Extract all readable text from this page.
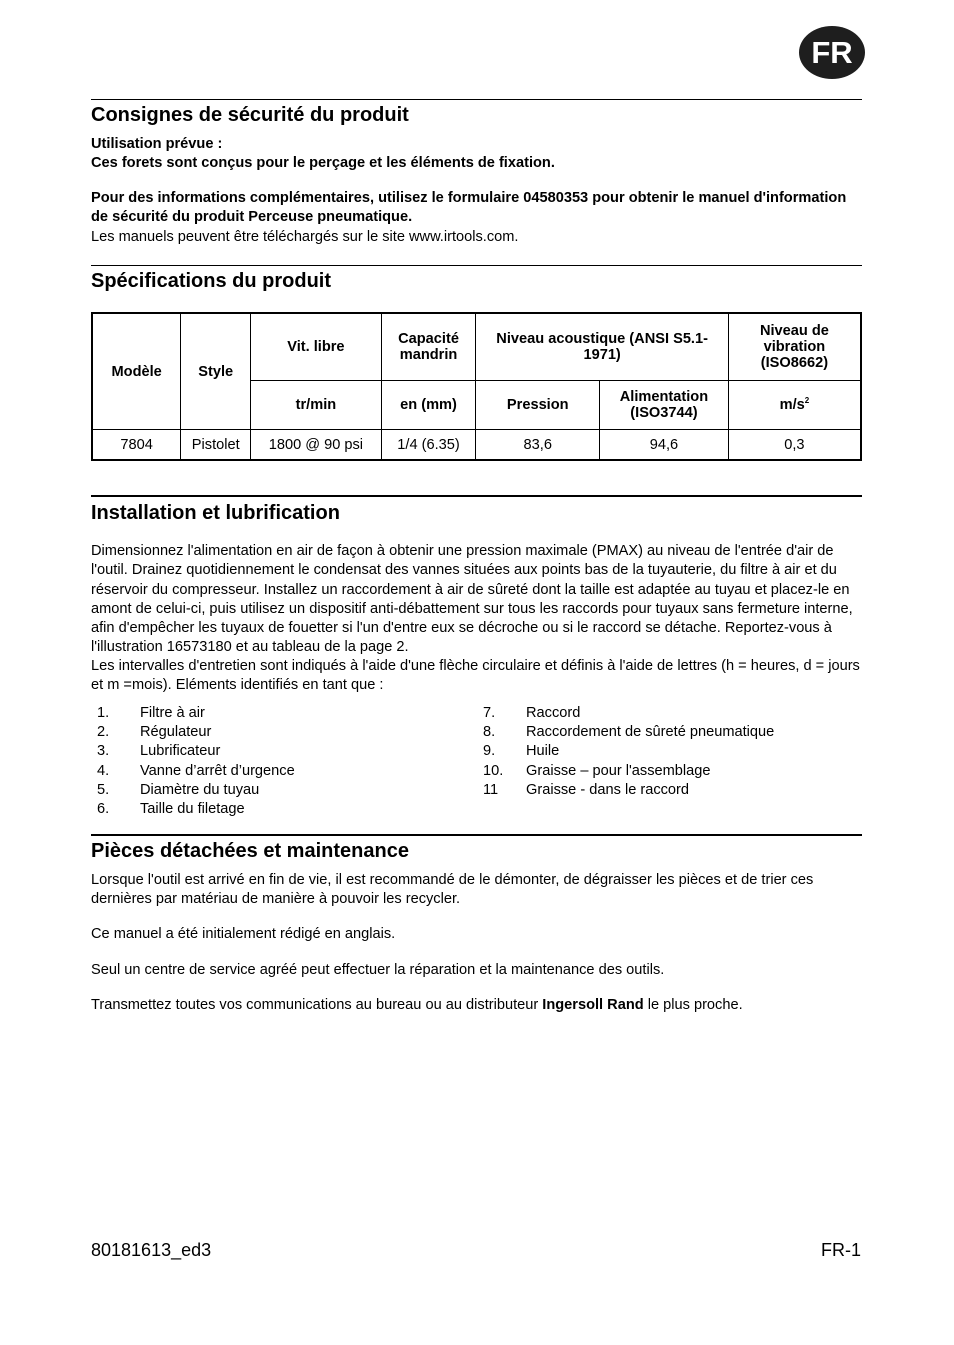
FR
Consignes de sécurité du produit

Utilisation prévue :

Ces forets sont conçus pour le perçage et les éléments de fixation.

Pour des informations complémentaires, utilisez le formulaire 04580353 pour obtenir le manuel d'information de sécurité du produit Perceuse pneumatique.

Les manuels peuvent être téléchargés sur le site www.irtools.com.

Spécifications du produit
Modèle	Style	Vit. libre	Capacité mandrin	Niveau acoustique (ANSI S5.1-1971)		Niveau de vibration (ISO8662)
		tr/min	en (mm)	Pression	Alimentation (ISO3744)	$m/s^2$
7804	Pistolet	1800 @ 90 psi	1/4 (6.35)	83,6	94,6	0,3
Installation et lubrification

Dimensionnez l'alimentation en air de façon à obtenir une pression maximale (PMAX) au niveau de l'entrée d'air de l'outil. Drainez quotidiennement le condensat des vannes situées aux points bas de la tuyauterie, du filtre à air et du réservoir du compresseur. Installez un raccordement à air de sûreté dont la taille est adaptée au tuyau et placez-le en amont de celui-ci, puis utilisez un dispositif anti-débattement sur tous les raccords pour tuyaux sans fermeture interne, afin d'empêcher les tuyaux de fouetter si l'un d'entre eux se décroche ou si le raccord se détache. Reportez-vous à l'illustration 16573180 et au tableau de la page 2.

Les intervalles d'entretien sont indiqués à l'aide d'une flèche circulaire et définis à l'aide de lettres (h = heures, d = jours et m =mois). Eléments identifiés en tant que :

1. Filtre à air
2. Régulateur
3. Lubrificateur
4. Vanne d’arrêt d’urgence
5. Diamètre du tuyau
6. Taille du filetage
7. Raccord
8. Raccordement de sûreté pneumatique
9. Huile
10. Graisse – pour l'assemblage
11 Graisse - dans le raccord
Pièces détachées et maintenance

Lorsque l'outil est arrivé en fin de vie, il est recommandé de le démonter, de dégraisser les pièces et de trier ces dernières par matériau de manière à pouvoir les recycler.

Ce manuel a été initialement rédigé en anglais.

Seul un centre de service agréé peut effectuer la réparation et la maintenance des outils.

Transmettez toutes vos communications au bureau ou au distributeur Ingersoll Rand le plus proche.

80181613_ed3	FR-1
